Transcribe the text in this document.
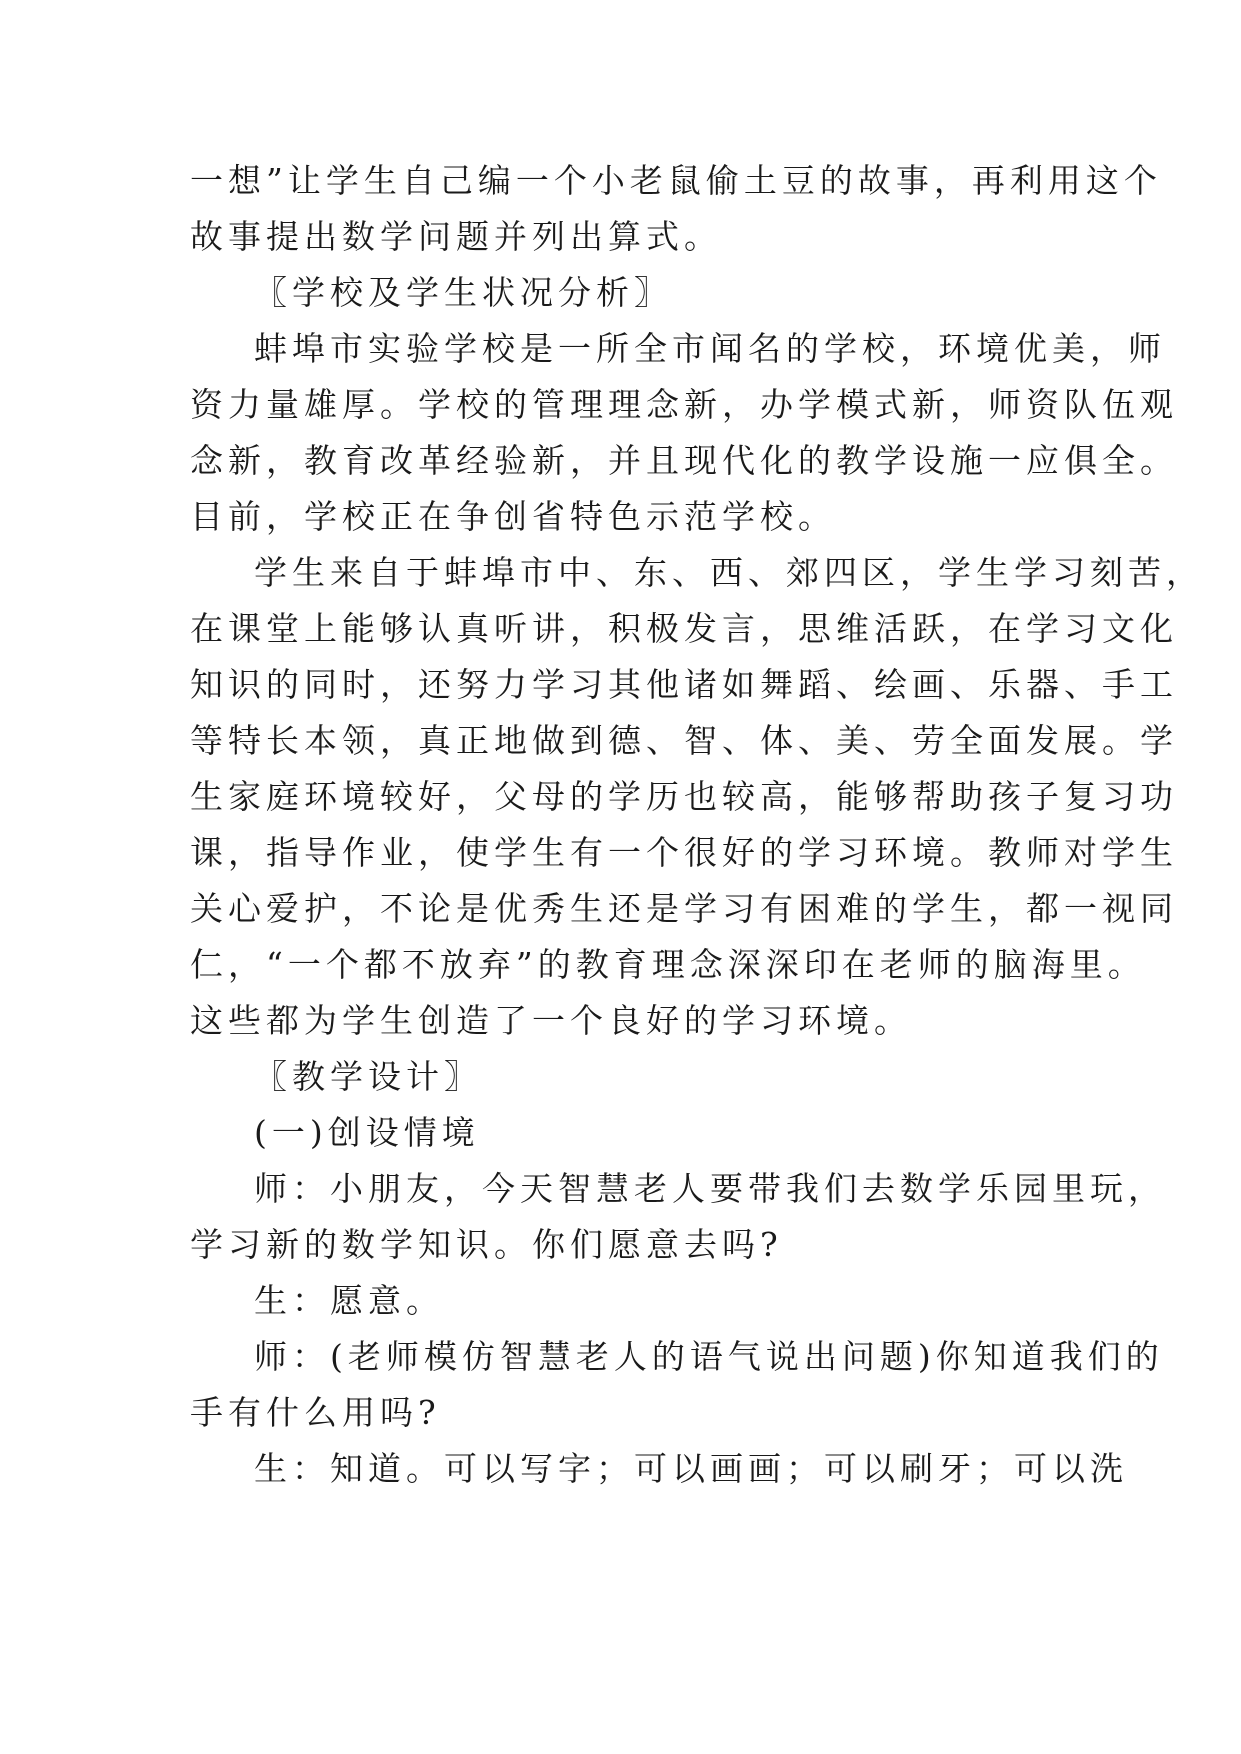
一想”让学生自己编一个小老鼠偷土豆的故事，再利用这个
故事提出数学问题并列出算式。
〖学校及学生状况分析〗
蚌埠市实验学校是一所全市闻名的学校，环境优美，师
资力量雄厚。学校的管理理念新，办学模式新，师资队伍观
念新，教育改革经验新，并且现代化的教学设施一应俱全。
目前，学校正在争创省特色示范学校。
学生来自于蚌埠市中、东、西、郊四区，学生学习刻苦，
在课堂上能够认真听讲，积极发言，思维活跃，在学习文化
知识的同时，还努力学习其他诸如舞蹈、绘画、乐器、手工
等特长本领，真正地做到德、智、体、美、劳全面发展。学
生家庭环境较好，父母的学历也较高，能够帮助孩子复习功
课，指导作业，使学生有一个很好的学习环境。教师对学生
关心爱护，不论是优秀生还是学习有困难的学生，都一视同
仁，“一个都不放弃”的教育理念深深印在老师的脑海里。
这些都为学生创造了一个良好的学习环境。
〖教学设计〗
(一)创设情境
师：小朋友，今天智慧老人要带我们去数学乐园里玩，
学习新的数学知识。你们愿意去吗?
生：愿意。
师：(老师模仿智慧老人的语气说出问题)你知道我们的
手有什么用吗?
生：知道。可以写字；可以画画；可以刷牙；可以洗
